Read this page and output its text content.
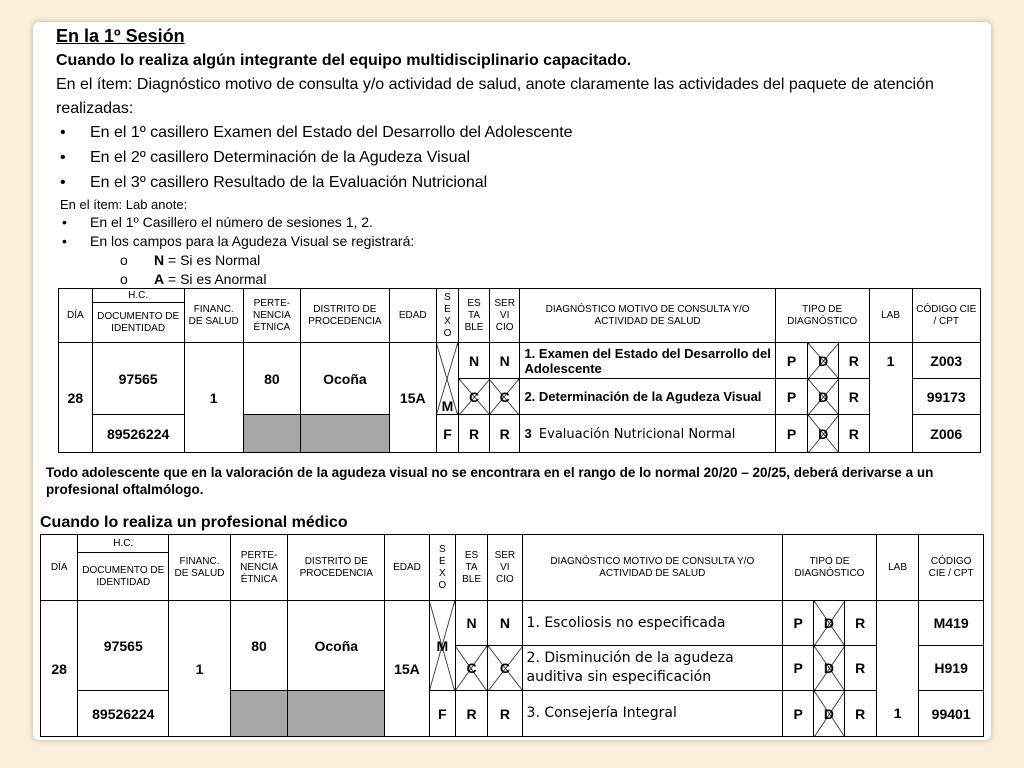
En la 1º Sesión
Cuando lo realiza algún integrante del equipo multidisciplinario capacitado.
En el ítem: Diagnóstico motivo de consulta y/o actividad de salud, anote claramente las actividades del paquete de atención
realizadas:
• En el 1º casillero Examen del Estado del Desarrollo del Adolescente
• En el 2º casillero Determinación de la Agudeza Visual
• En el 3º casillero Resultado de la Evaluación Nutricional
En el ítem: Lab anote:
• En el 1º Casillero el número de sesiones 1, 2.
• En los campos para la Agudeza Visual se registrará:
o N = Si es Normal
o A = Si es Anormal
DÍA	H.C.	FINANC. DE SALUD	PERTE- NENCIA ÉTNICA	DISTRITO DE PROCEDENCIA	EDAD	S E X O	ES TA BLE	SER VI CIO	DIAGNÓSTICO MOTIVO DE CONSULTA Y/O ACTIVIDAD DE SALUD	TIPO DE DIAGNÓSTICO			LAB	CÓDIGO CIE / CPT
	DOCUMENTO DE IDENTIDAD													
28	97565	1	80	Ocoña	15A	M	N	N	1. Examen del Estado del Desarrollo del Adolescente	P	D	R	1	Z003
							C	C	2. Determinación de la Agudeza Visual	P	D	R		99173
	89526224					F	R	R	3 Evaluación Nutricional Normal	P	D	R		Z006
Todo adolescente que en la valoración de la agudeza visual no se encontrara en el rango de lo normal 20/20 – 20/25, deberá derivarse a un profesional oftalmólogo.
Cuando lo realiza un profesional médico
DÍA	H.C.	FINANC. DE SALUD	PERTE- NENCIA ÉTNICA	DISTRITO DE PROCEDENCIA	EDAD	S E X O	ES TA BLE	SER VI CIO	DIAGNÓSTICO MOTIVO DE CONSULTA Y/O ACTIVIDAD DE SALUD	TIPO DE DIAGNÓSTICO			LAB	CÓDIGO CIE / CPT
	DOCUMENTO DE IDENTIDAD													
28	97565	1	80	Ocoña	15A	M	N	N	1. Escoliosis no especificada	P	D	R		M419
							C	C	2. Disminución de la agudeza auditiva sin especificación	P	D	R		H919
	89526224					F	R	R	3. Consejería Integral	P	D	R	1	99401
